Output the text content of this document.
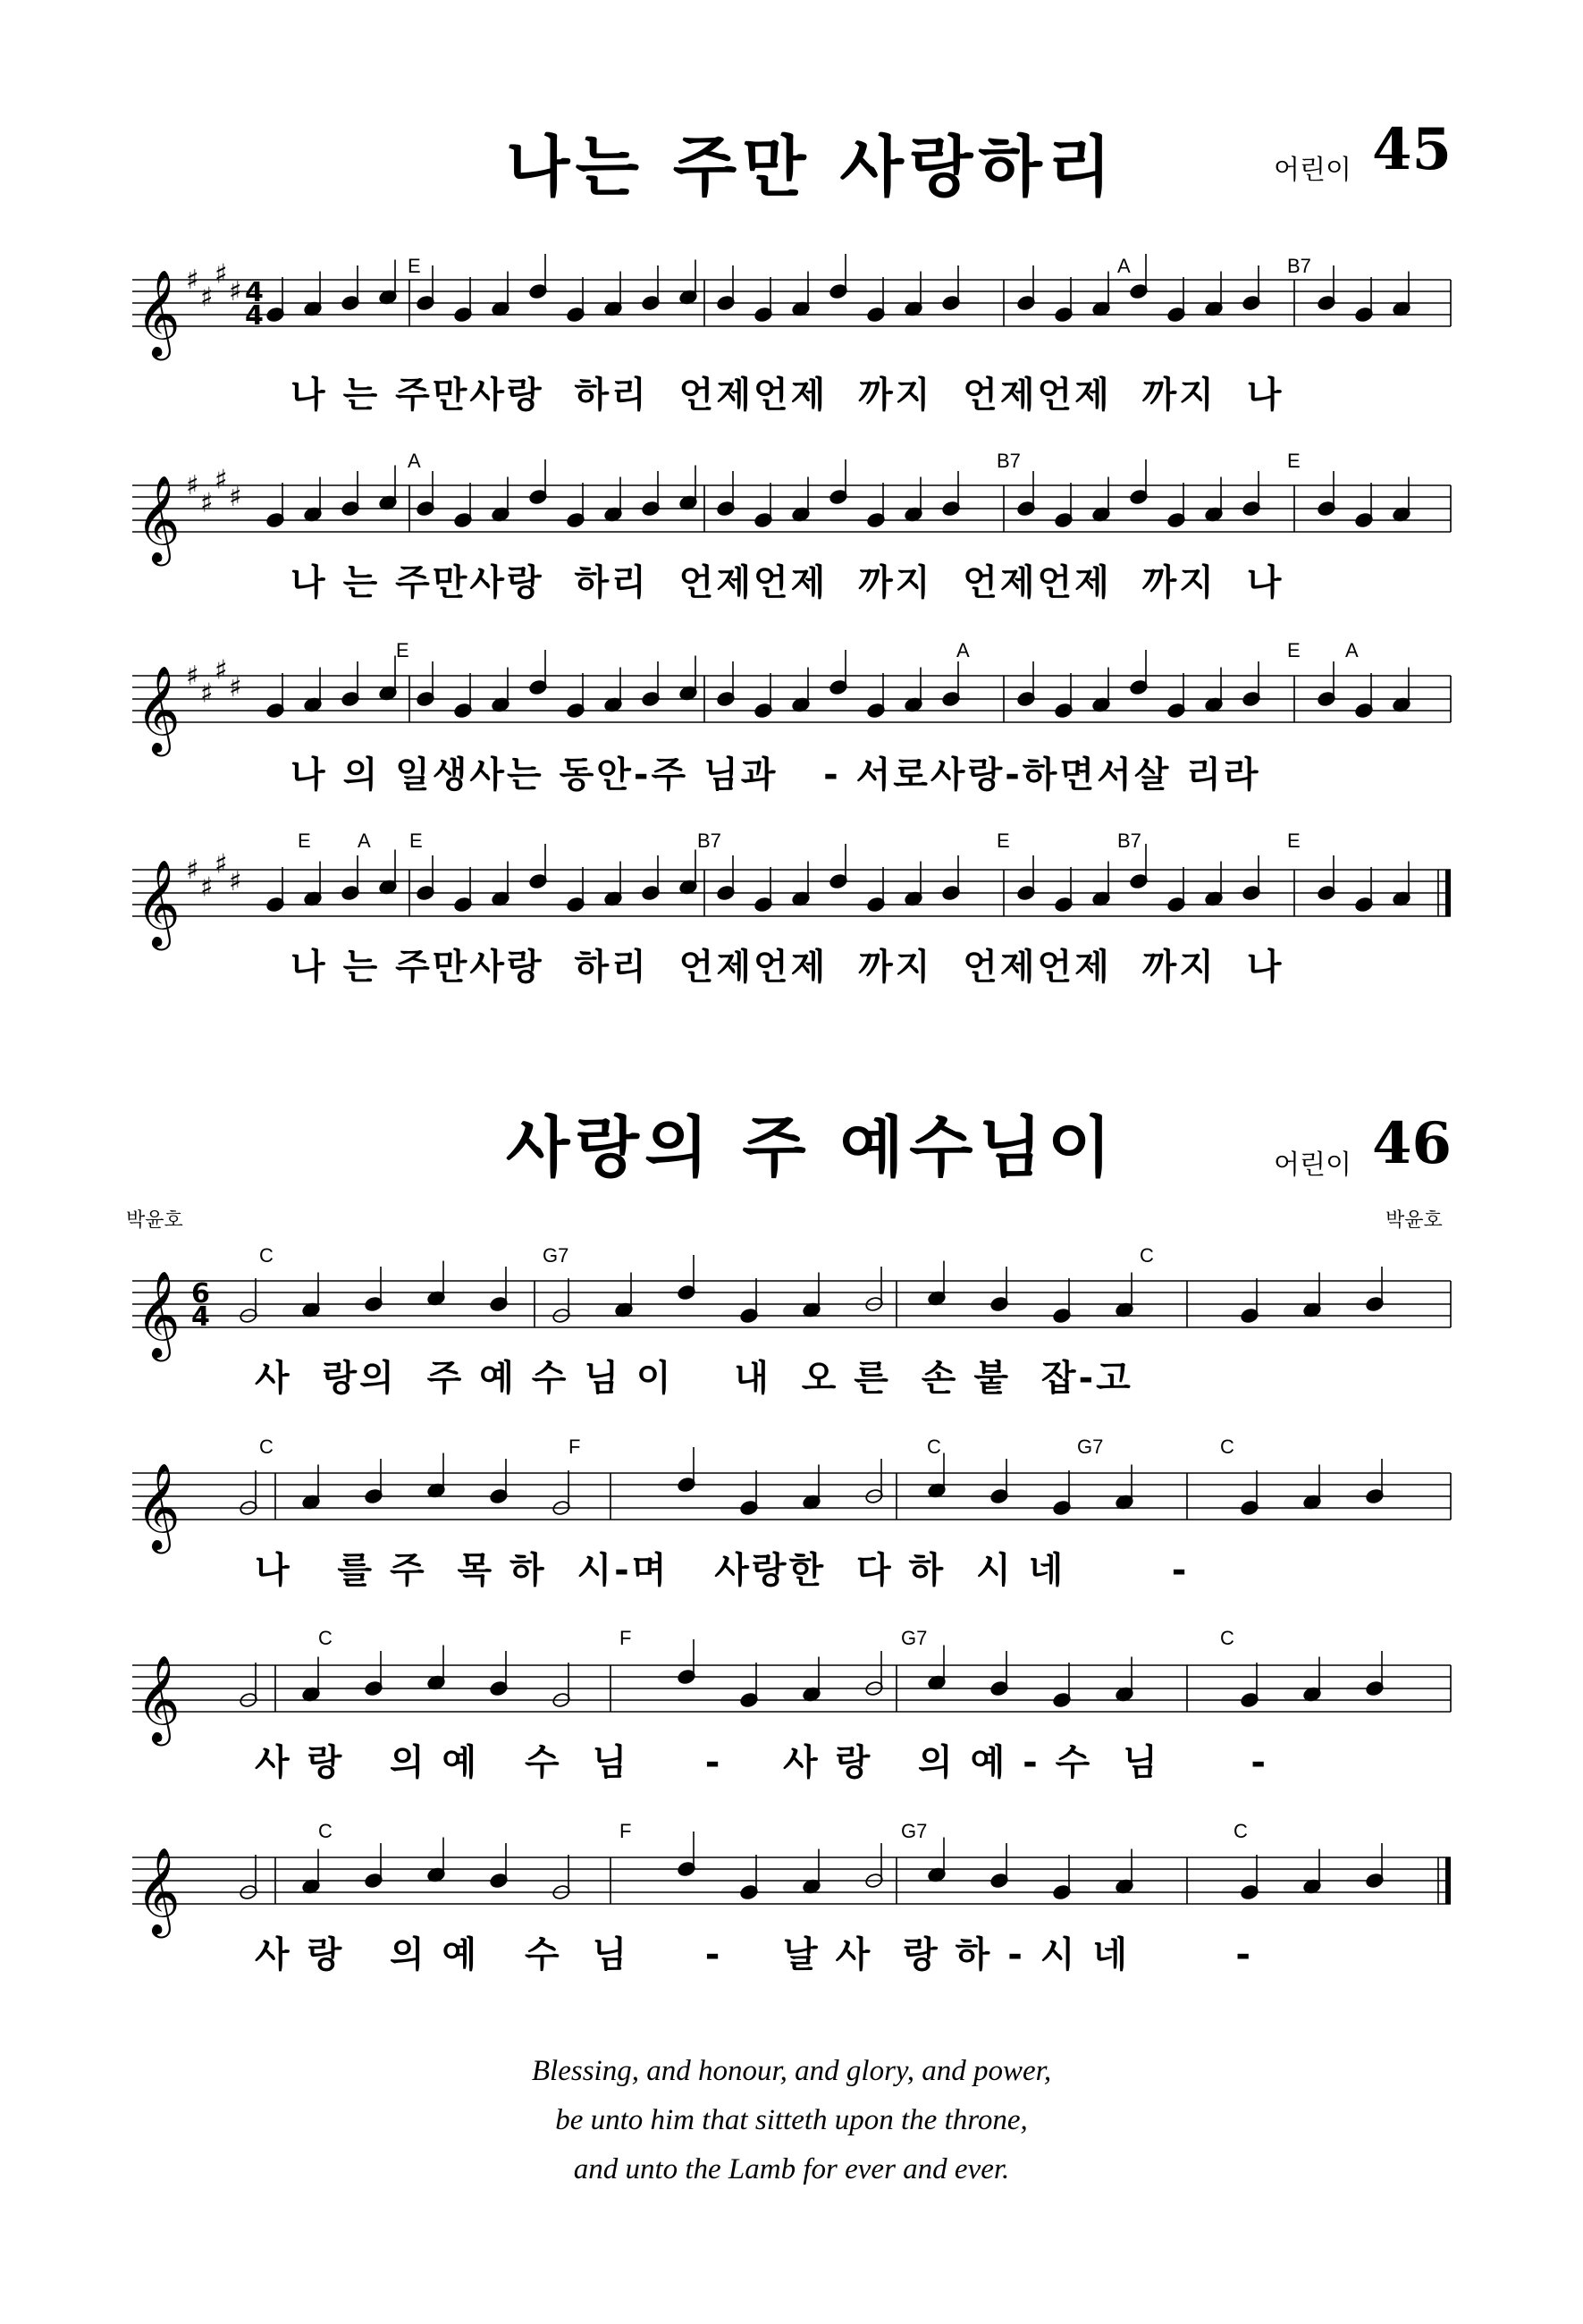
나는 주만 사랑하리	어린이 45
𝄞 ♯
♯
♯
♯ 4
4
E	A	B7
나 는 주만사랑  하리  언제언제  까지  언제언제  까지  나
𝄞 ♯
♯
♯
♯
A	B7	E
나 는 주만사랑  하리  언제언제  까지  언제언제  까지  나
𝄞 ♯
♯
♯
♯
E	A	E A
나 의 일생사는 동안-주 님과   - 서로사랑-하면서살 리라
𝄞 ♯
♯
♯
♯
E A E	B7	E	B7	E
나 는 주만사랑  하리  언제언제  까지  언제언제  까지  나
사랑의 주 예수님이	어린이 46
박윤호	박윤호
𝄞 6
4
C	G7	C
사  랑의  주 예 수 님 이    내  오 른  손 붙  잡-고
𝄞
C	F	C	G7	C
나   를 주  목 하  시-며   사랑한  다 하  시 네       -
𝄞
C	F	G7	C
사 랑   의 예   수  님     -    사 랑   의 예 - 수  님      -
𝄞
C	F	G7	C
사 랑   의 예   수  님     -    날 사  랑 하 - 시 네       -
Blessing, and honour, and glory, and power,
be unto him that sitteth upon the throne,
and unto the Lamb for ever and ever.
